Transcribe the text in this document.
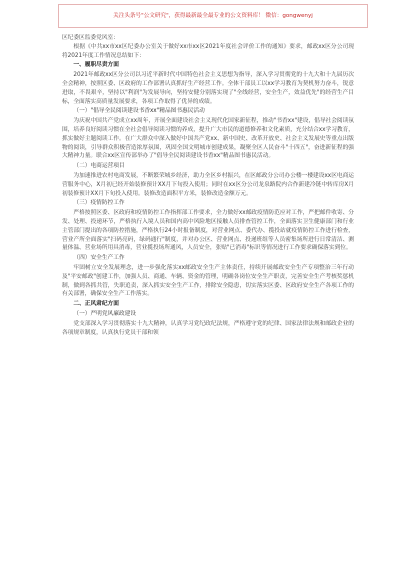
关注头条号"公文研究"，获得最新最全最专业的公文资料库！ 微信：gongwenyj

区纪委区监委党风室：

根据《中共xx市xx区纪委办公室关于做好xx市xx区2021年度社会评价工作的通知》要求，邮政xx区分公司现将2021年度工作情况总结如下：

一、履职尽责方面

2021年邮政xx区分公司以习近平新时代中国特色社会主义思想为指导，深入学习贯彻党的十九大和十九届历次全会精神，按照区委、区政府的工作部署认真抓好生产经营工作。全体干部员工以xx学习教育为契机努力奋斗，锐意进取，不畏艰辛，坚持以"利润"为发展导向，坚持安健分别落实现了"全线经营，安全生产，效益优先"的经营生产目标，全面落实高质量发展要求，各项工作取得了优异的成绩。

（一）"倡导全民阅读建设书香xx"精品图书惠民活动

为庆祝中国共产党成立xx周年，开展全面建设社会主义现代化国家新征程，推动"书香xx"建设，倡导社会阅读氛围，培养良好阅读习惯在全社会倡导阅读习惯的养成，提升广大市民的道德修养和文化素质，充分结合xx学习教育，抓实做好主题阅读工作。在广大群众中深入做好中国共产党xx、新中国史、改革开放史、社会主义发展史等重点出版物的阅读，引导群众积极营造浓厚氛围，巩固全国文明城市创建成果，凝聚全区人民奋斗"十四五"，奋进新征程的强大精神力量。联合xx区宣传部举办了"倡导全民阅读建设书香xx"精品图书惠民活动。

（二）电商运营项目

为加速推进农村电商发展，不断繁荣城乡经济，助力全区乡村振兴，在区邮政分公司办公楼一楼建设xx区电商运营服务中心，X月初已经开始装修预计XX月下旬投入使用；同时在xx区分公司龙泉路院内合作新建冷链中转库房X月初装修预计XX月下旬投入使用。装修改造面积平方米，装修改造金额万元。

（三）疫情防控工作

严格按照区委、区政府和疫情防控工作指挥部工作要求，全力做好xx邮政疫情防范应对工作，严把邮件收寄、分发、处理、投递环节，严格执行入境人员和国内高中风险地区接触人员排查管控工作，全面落实卫生健康部门和行业主管部门提出的各项防控措施，严格执行24小时报备制度，对营业网点、委代办、揽投站就疫情防控工作进行检查，营业产所全面落实"扫码亮码，绿码通行"制度，并对办公区、营业网点、投递班组等人员密集场所进行日常清洁、测量体温、营业场所用具消毒，营业揽投场所通风，人员安全，张贴"已消毒"标识等情况进行工作要求确保落实到位。

（四）安全生产工作

牢固树立安全发展理念，进一步强化落实xx邮政安全生产主体责任，持续开展邮政安全生产专项整治三年行动及"平安邮政"创建工作，加强人员、商通、车辆、资金的管理，明确各岗位安全生产职责，完善安全生产考核奖惩机制，做到各抓共管，失职追责，深入抓实安全生产工作，排除安全隐患，切实落实区委、区政府安全生产各项工作的有关部署，确保安全生产工作落实。

二、正风肃纪方面

（一）严明党风廉政建设

党支部深入学习贯彻落实十九大精神，认真学习党纪政纪法规，严格遵守党的纪律、国家法律法规和邮政企业的各项规章制度，认真执行党员干部和领
